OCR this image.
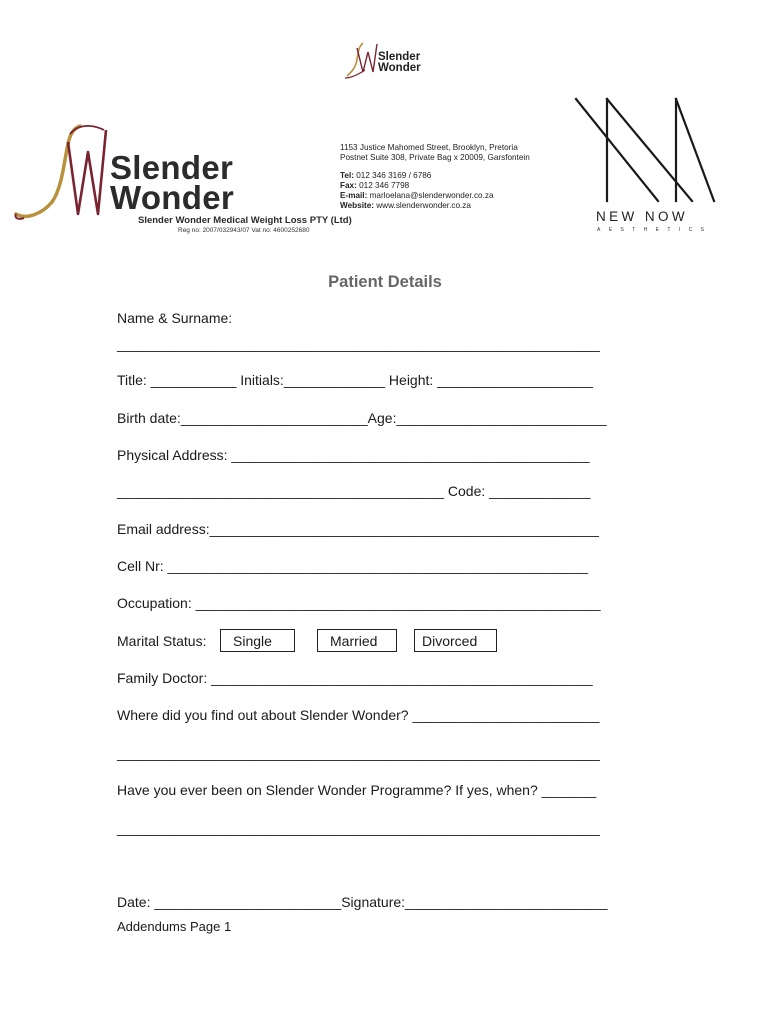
Slender
Wonder
Slender
Wonder
Slender Wonder Medical Weight Loss PTY (Ltd)
Reg no: 2007/032943/07 Vat no: 4600252680
1153 Justice Mahomed Street, Brooklyn, Pretoria
Postnet Suite 308, Private Bag x 20009, Garsfontein
Tel: 012 346 3169 / 6786
Fax: 012 346 7798
E-mail: marloelana@slenderwonder.co.za
Website: www.slenderwonder.co.za
NEW NOW
AESTHETICS
Patient Details
Name & Surname:
______________________________________________________________
Title: ___________ Initials:_____________ Height: ____________________
Birth date:________________________Age:___________________________
Physical Address: ______________________________________________
__________________________________________ Code: _____________
Email address:__________________________________________________
Cell Nr: ______________________________________________________
Occupation: ____________________________________________________
Marital Status:	Single	Married	Divorced
Family Doctor: _________________________________________________
Where did you find out about Slender Wonder? ________________________
______________________________________________________________
Have you ever been on Slender Wonder Programme? If yes, when? _______
______________________________________________________________
Date: ________________________Signature:__________________________
Addendums Page 1
